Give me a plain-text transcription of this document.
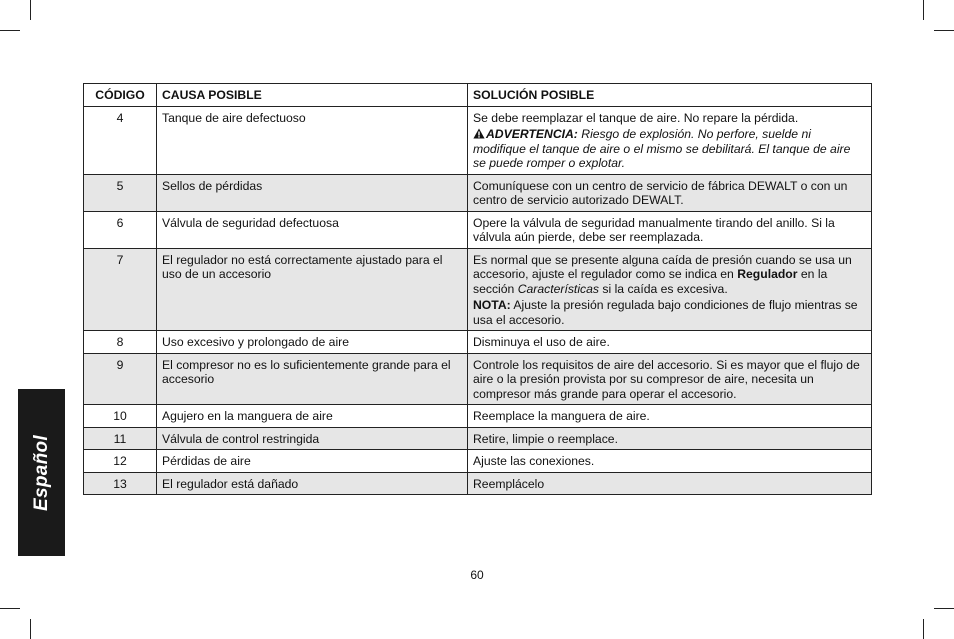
Español
CÓDIGO	CAUSA POSIBLE	SOLUCIÓN POSIBLE
4	Tanque de aire defectuoso	Se debe reemplazar el tanque de aire. No repare la pérdida.

ADVERTENCIA: Riesgo de explosión. No perfore, suelde ni modifique el tanque de aire o el mismo se debilitará. El tanque de aire se puede romper o explotar.

5	Sellos de pérdidas	Comuníquese con un centro de servicio de fábrica DEWALT o con un centro de servicio autorizado DEWALT.
6	Válvula de seguridad defectuosa	Opere la válvula de seguridad manualmente tirando del anillo. Si la válvula aún pierde, debe ser reemplazada.
7	El regulador no está correctamente ajustado para el uso de un accesorio	Es normal que se presente alguna caída de presión cuando se usa un accesorio, ajuste el regulador como se indica en Regulador en la sección Características si la caída es excesiva.

NOTA: Ajuste la presión regulada bajo condiciones de flujo mientras se usa el accesorio.

8	Uso excesivo y prolongado de aire	Disminuya el uso de aire.
9	El compresor no es lo suficientemente grande para el accesorio	Controle los requisitos de aire del accesorio. Si es mayor que el flujo de aire o la presión provista por su compresor de aire, necesita un compresor más grande para operar el accesorio.
10	Agujero en la manguera de aire	Reemplace la manguera de aire.
11	Válvula de control restringida	Retire, limpie o reemplace.
12	Pérdidas de aire	Ajuste las conexiones.
13	El regulador está dañado	Reemplácelo
60
